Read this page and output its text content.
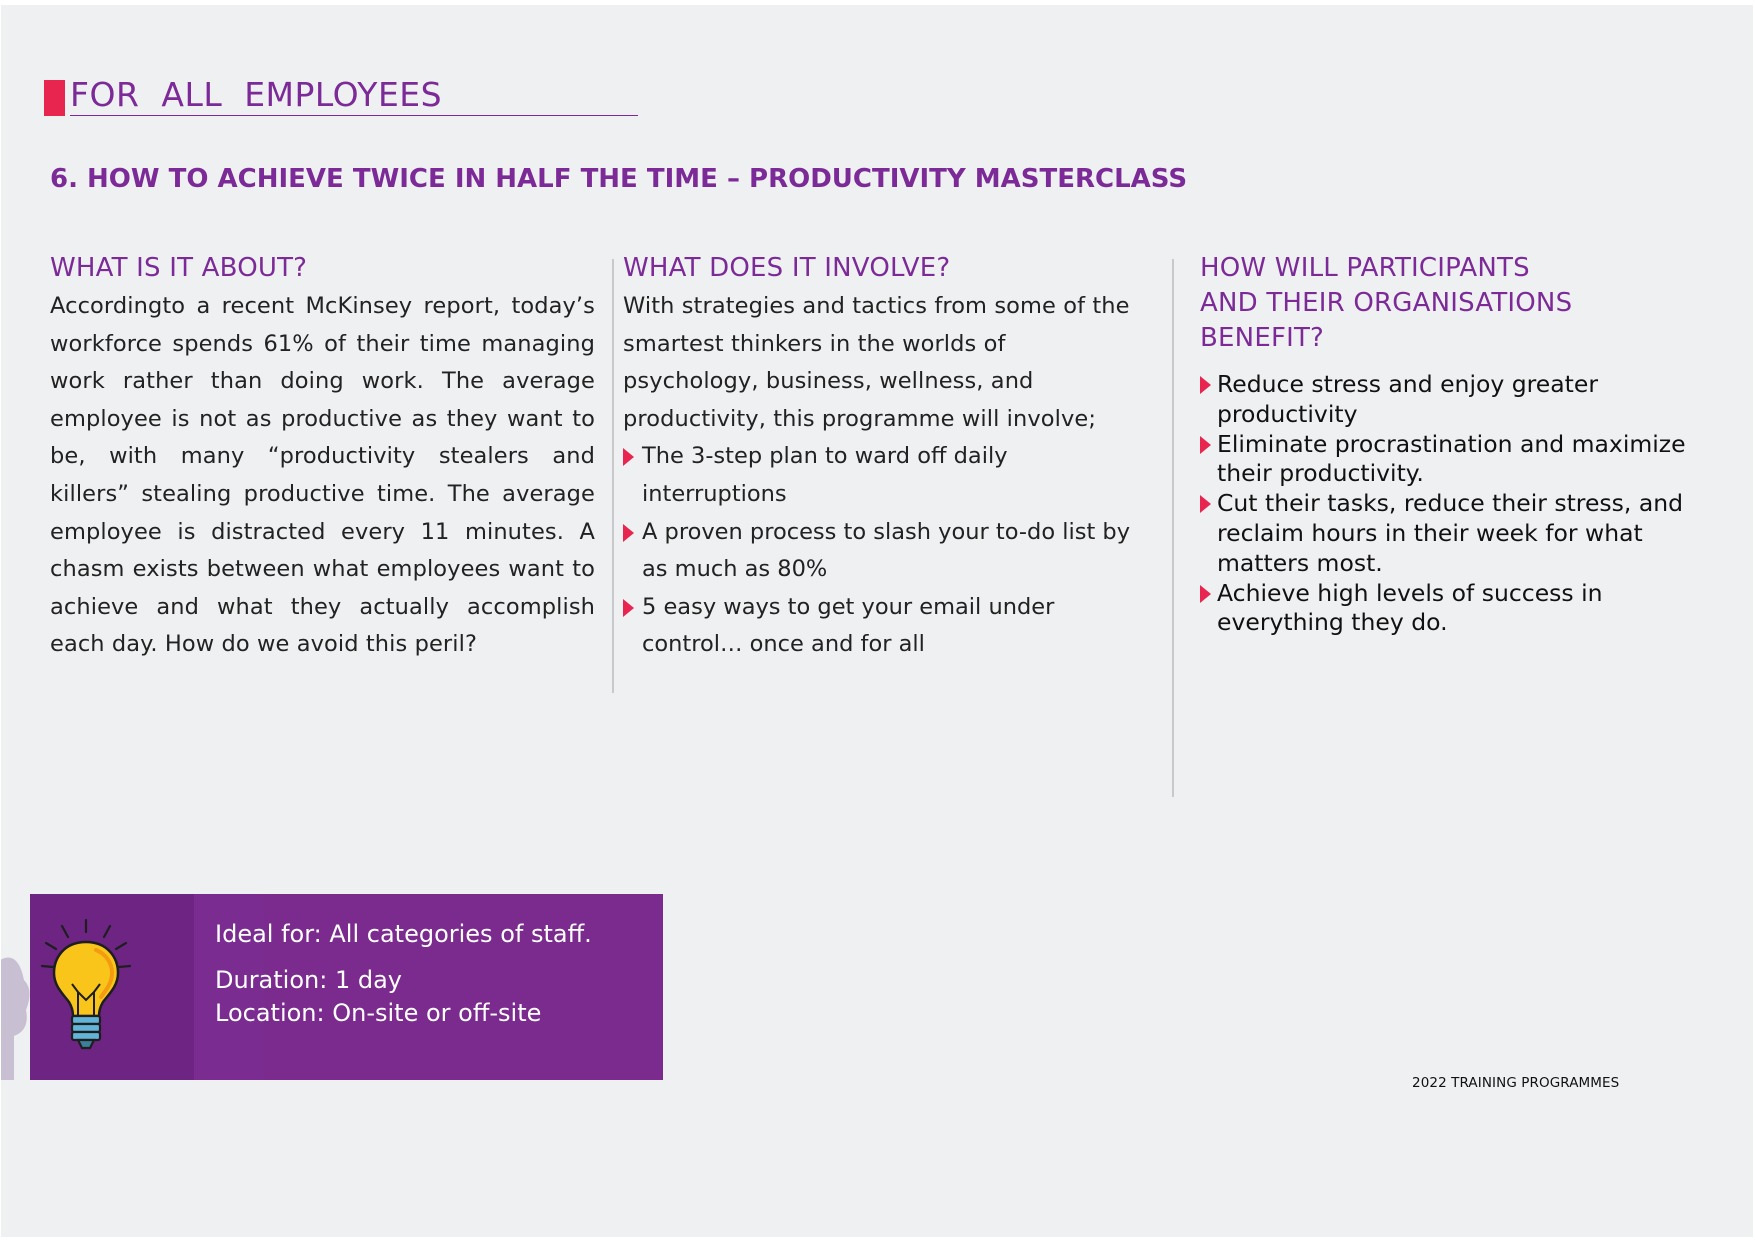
FOR  ALL  EMPLOYEES
6. HOW TO ACHIEVE TWICE IN HALF THE TIME – PRODUCTIVITY MASTERCLASS
WHAT IS IT ABOUT?
Accordingto a recent McKinsey report, today’s workforce spends 61% of their time managing work rather than doing work. The average employee is not as productive as they want to be, with many “productivity stealers and killers” stealing productive time. The average employee is distracted every 11 minutes. A chasm exists between what employees want to achieve and what they actually accomplish each day. How do we avoid this peril?
WHAT DOES IT INVOLVE?
With strategies and tactics from some of the smartest thinkers in the worlds of psychology, business, wellness, and productivity, this programme will involve;
The 3-step plan to ward off daily interruptions
A proven process to slash your to-do list by as much as 80%
5 easy ways to get your email under control… once and for all
HOW WILL PARTICIPANTS
AND THEIR ORGANISATIONS
BENEFIT?
Reduce stress and enjoy greater productivity
Eliminate procrastination and maximize their productivity.
Cut their tasks, reduce their stress, and reclaim hours in their week for what matters most.
Achieve high levels of success in everything they do.
Ideal for: All categories of staff.
Duration: 1 day
Location: On-site or off-site
2022 TRAINING PROGRAMMES
